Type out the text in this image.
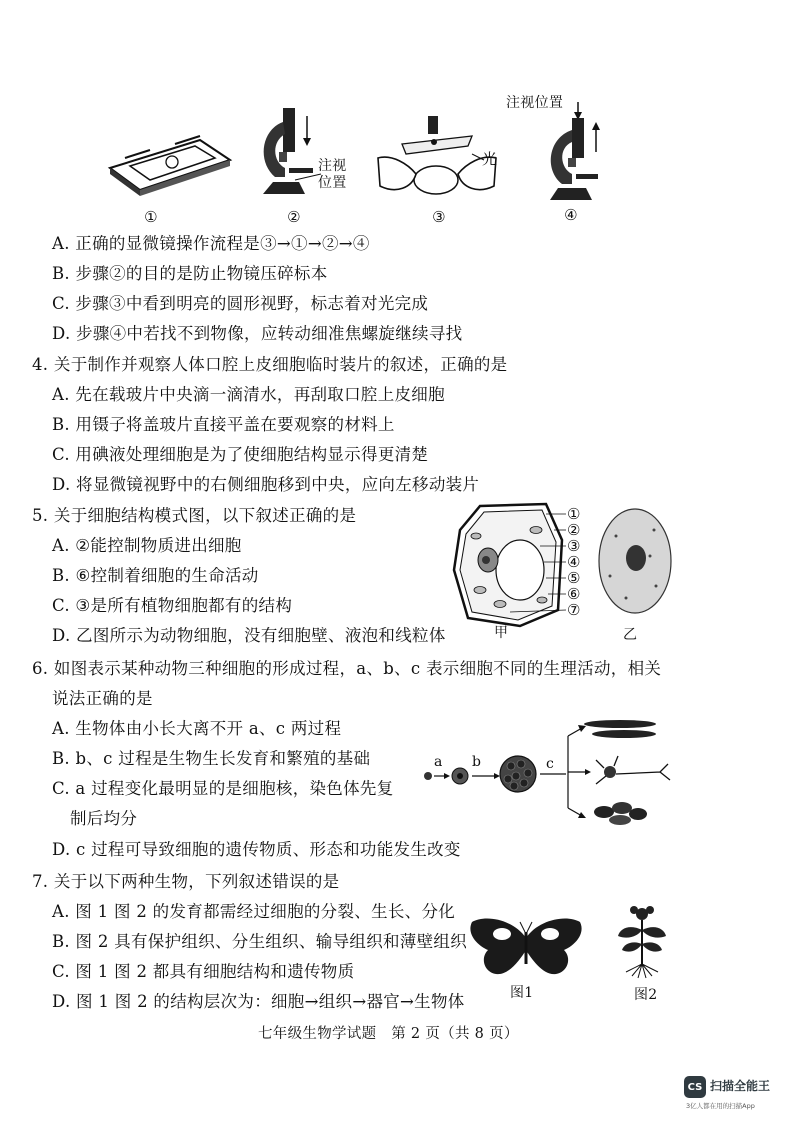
注视
位置
光
注视位置
①	②	③	④
A. 正确的显微镜操作流程是③→①→②→④
B. 步骤②的目的是防止物镜压碎标本
C. 步骤③中看到明亮的圆形视野，标志着对光完成
D. 步骤④中若找不到物像，应转动细准焦螺旋继续寻找
4. 关于制作并观察人体口腔上皮细胞临时装片的叙述，正确的是
A. 先在载玻片中央滴一滴清水，再刮取口腔上皮细胞
B. 用镊子将盖玻片直接平盖在要观察的材料上
C. 用碘液处理细胞是为了使细胞结构显示得更清楚
D. 将显微镜视野中的右侧细胞移到中央，应向左移动装片
5. 关于细胞结构模式图，以下叙述正确的是
A. ②能控制物质进出细胞
B. ⑥控制着细胞的生命活动
C. ③是所有植物细胞都有的结构
D. 乙图所示为动物细胞，没有细胞壁、液泡和线粒体
①
②
③
④
⑤
⑥
⑦
甲	乙
6. 如图表示某种动物三种细胞的形成过程，a、b、c 表示细胞不同的生理活动，相关
说法正确的是
A. 生物体由小长大离不开 a、c 两过程
B. b、c 过程是生物生长发育和繁殖的基础
C. a 过程变化最明显的是细胞核，染色体先复
制后均分
D. c 过程可导致细胞的遗传物质、形态和功能发生改变
a b	c
7. 关于以下两种生物，下列叙述错误的是
A. 图 1 图 2 的发育都需经过细胞的分裂、生长、分化
B. 图 2 具有保护组织、分生组织、输导组织和薄壁组织
C. 图 1 图 2 都具有细胞结构和遗传物质
D. 图 1 图 2 的结构层次为：细胞→组织→器官→生物体	图1	图2
七年级生物学试题　第 2 页（共 8 页）
CS 扫描全能王
3亿人都在用的扫描App
